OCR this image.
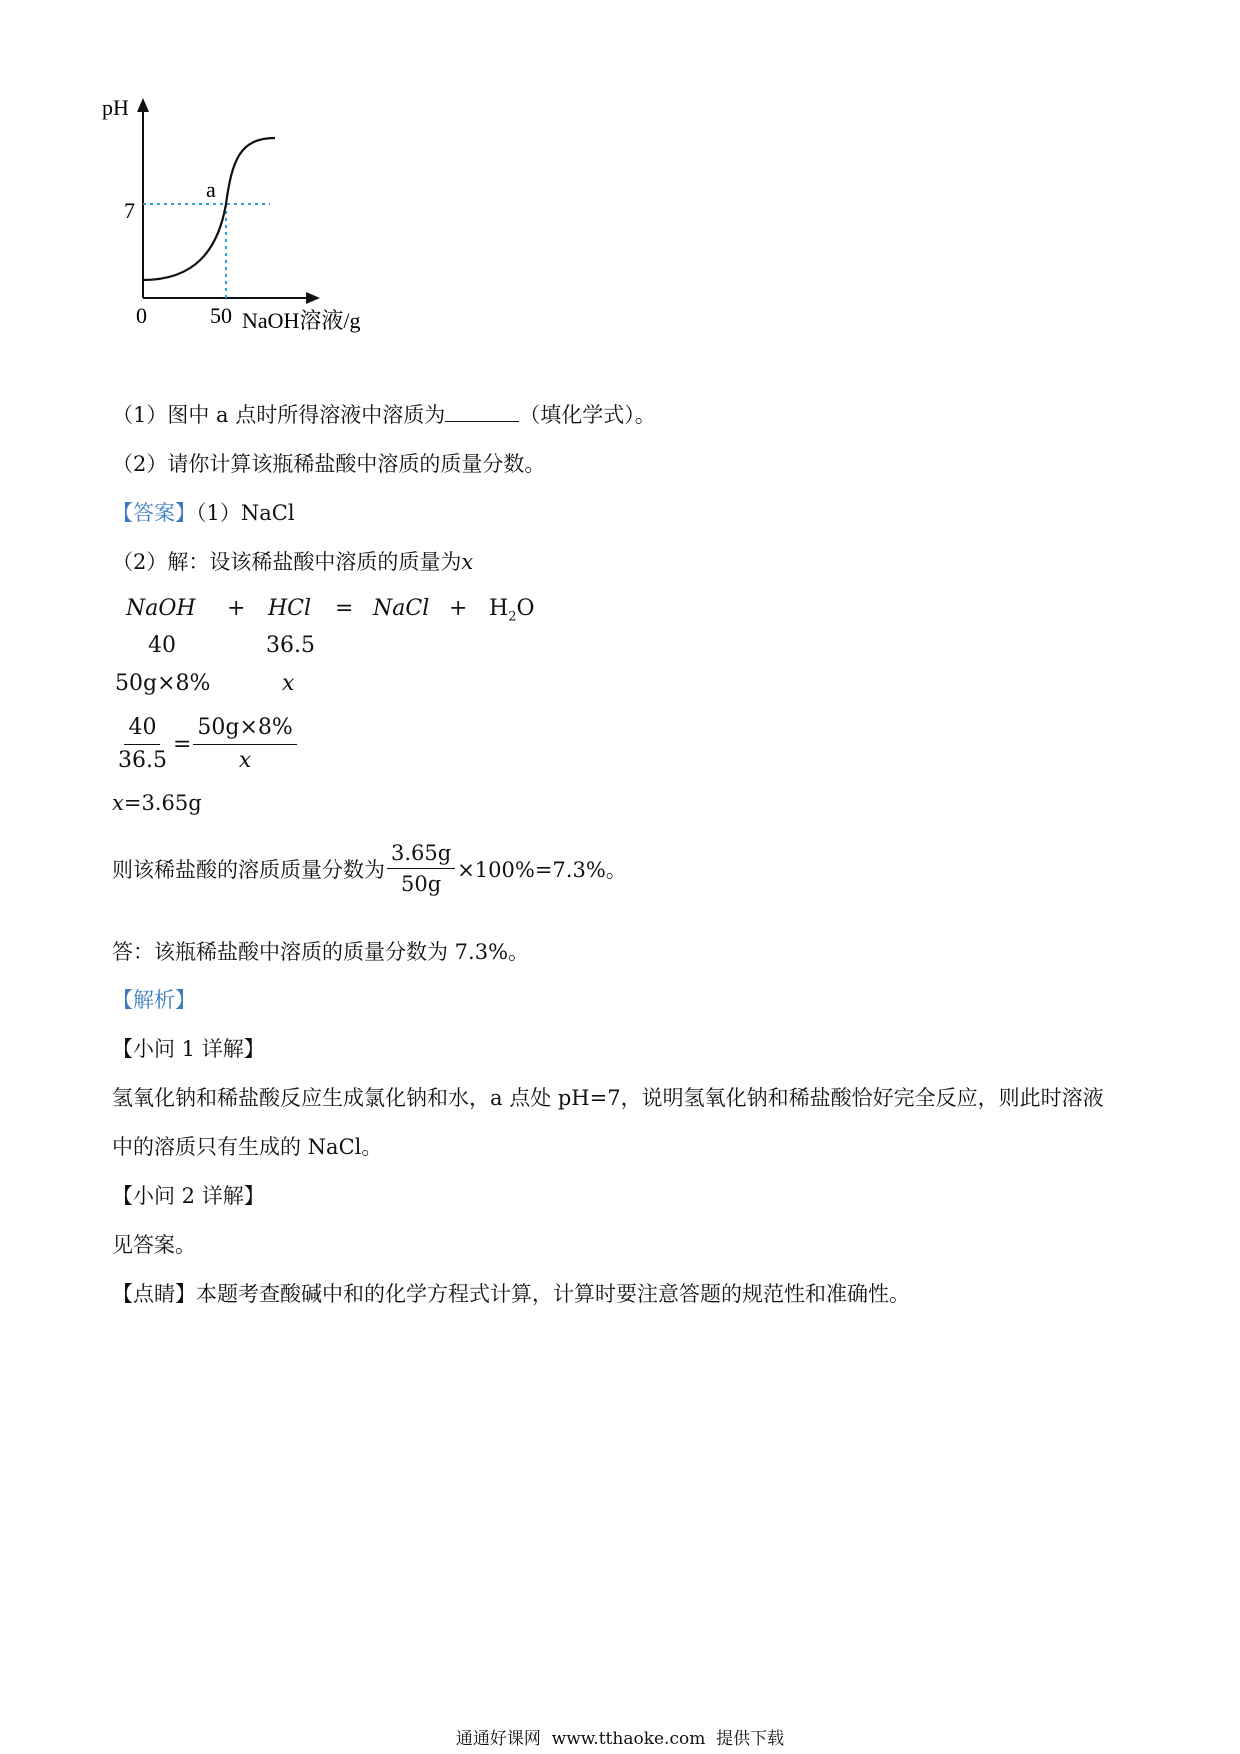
pH
7
a
0	50 NaOH溶液/g
（1）图中 a 点时所得溶液中溶质为	（填化学式）。
（2）请你计算该瓶稀盐酸中溶质的质量分数。
【答案】（1）NaCl
（2）解：设该稀盐酸中溶质的质量为x
NaOH + HCl = NaCl + $H_2O$
40	36.5
50g×8%	x
$\frac{40}{36.5} = \frac{50g\times 8\%}{x}$
x=3.65g
则该稀盐酸的溶质质量分数为 $\frac{3.65g}{50g} \times 100\%=7.3\%$。
答：该瓶稀盐酸中溶质的质量分数为 7.3%。
【解析】
【小问 1 详解】
氢氧化钠和稀盐酸反应生成氯化钠和水，a 点处 pH=7，说明氢氧化钠和稀盐酸恰好完全反应，则此时溶液
中的溶质只有生成的 NaCl。
【小问 2 详解】
见答案。
【点睛】本题考查酸碱中和的化学方程式计算，计算时要注意答题的规范性和准确性。
通通好课网  www.tthaoke.com  提供下载
